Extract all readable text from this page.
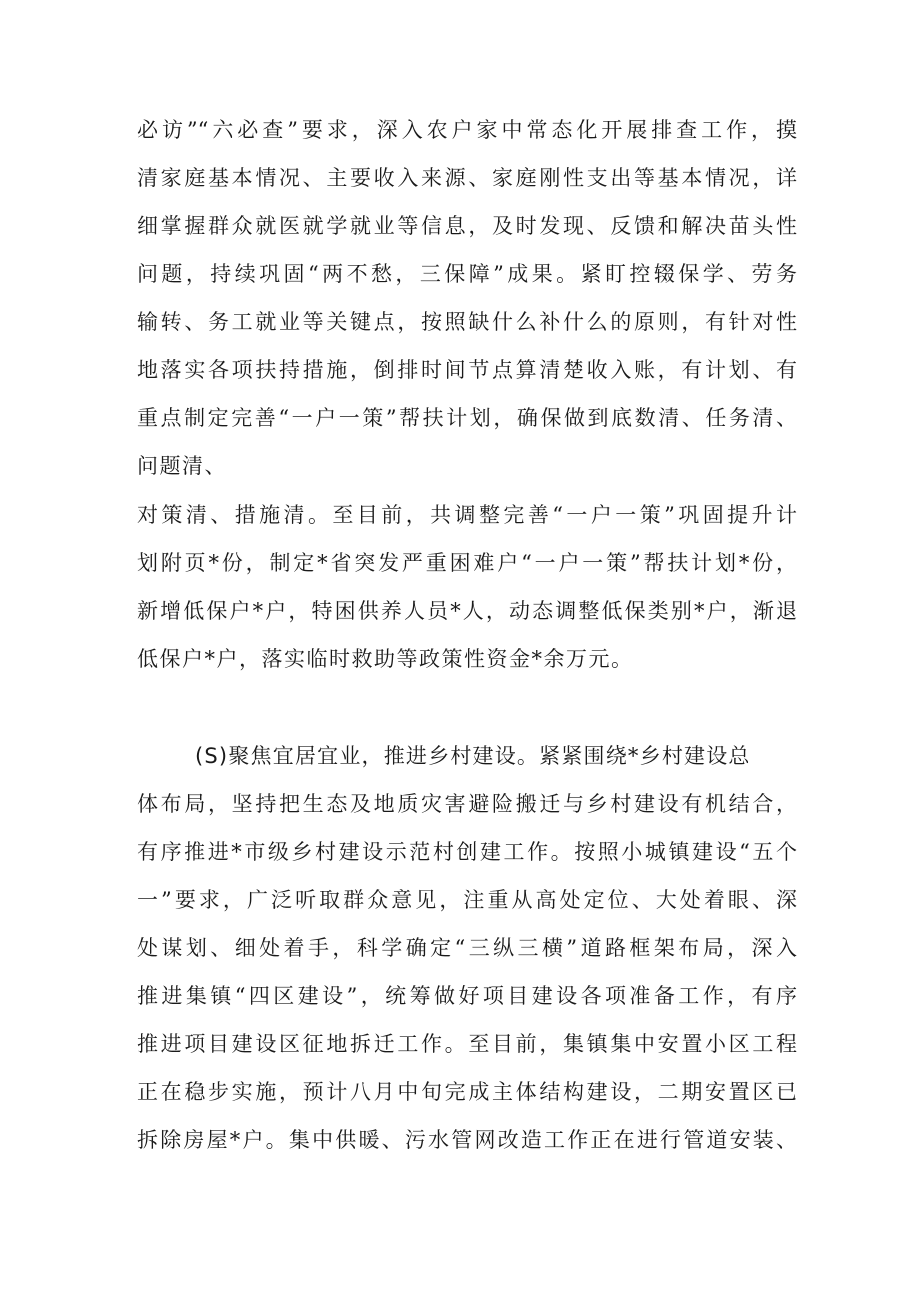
必访”“六必查”要求，深入农户家中常态化开展排查工作，摸
清家庭基本情况、主要收入来源、家庭刚性支出等基本情况，详
细掌握群众就医就学就业等信息，及时发现、反馈和解决苗头性
问题，持续巩固“两不愁，三保障”成果。紧盯控辍保学、劳务
输转、务工就业等关键点，按照缺什么补什么的原则，有针对性
地落实各项扶持措施，倒排时间节点算清楚收入账，有计划、有
重点制定完善“一户一策”帮扶计划，确保做到底数清、任务清、
问题清、
对策清、措施清。至目前，共调整完善“一户一策”巩固提升计
划附页*份，制定*省突发严重困难户“一户一策”帮扶计划*份，
新增低保户*户，特困供养人员*人，动态调整低保类别*户，渐退
低保户*户，落实临时救助等政策性资金*余万元。
(S)聚焦宜居宜业，推进乡村建设。紧紧围绕*乡村建设总
体布局，坚持把生态及地质灾害避险搬迁与乡村建设有机结合，
有序推进*市级乡村建设示范村创建工作。按照小城镇建设“五个
一”要求，广泛听取群众意见，注重从高处定位、大处着眼、深
处谋划、细处着手，科学确定“三纵三横”道路框架布局，深入
推进集镇“四区建设”，统筹做好项目建设各项准备工作，有序
推进项目建设区征地拆迁工作。至目前，集镇集中安置小区工程
正在稳步实施，预计八月中旬完成主体结构建设，二期安置区已
拆除房屋*户。集中供暖、污水管网改造工作正在进行管道安装、
